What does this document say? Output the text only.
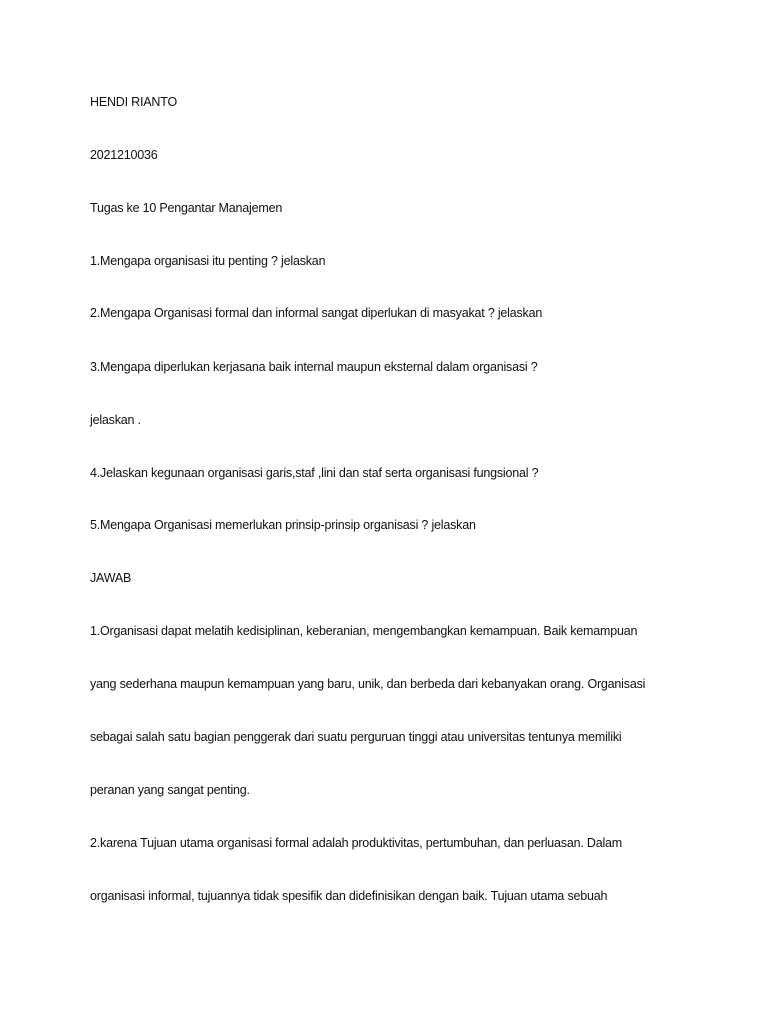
HENDI RIANTO
2021210036
Tugas ke 10 Pengantar Manajemen
1.Mengapa organisasi itu penting ? jelaskan
2.Mengapa Organisasi formal dan informal sangat diperlukan di masyakat ? jelaskan
3.Mengapa diperlukan kerjasana baik internal maupun eksternal dalam organisasi ?
jelaskan .
4.Jelaskan kegunaan organisasi garis,staf ,lini dan staf serta organisasi fungsional ?
5.Mengapa Organisasi memerlukan prinsip-prinsip organisasi ? jelaskan
JAWAB
1.Organisasi dapat melatih kedisiplinan, keberanian, mengembangkan kemampuan. Baik kemampuan
yang sederhana maupun kemampuan yang baru, unik, dan berbeda dari kebanyakan orang. Organisasi
sebagai salah satu bagian penggerak dari suatu perguruan tinggi atau universitas tentunya memiliki
peranan yang sangat penting.
2.karena Tujuan utama organisasi formal adalah produktivitas, pertumbuhan, dan perluasan. Dalam
organisasi informal, tujuannya tidak spesifik dan didefinisikan dengan baik. Tujuan utama sebuah
